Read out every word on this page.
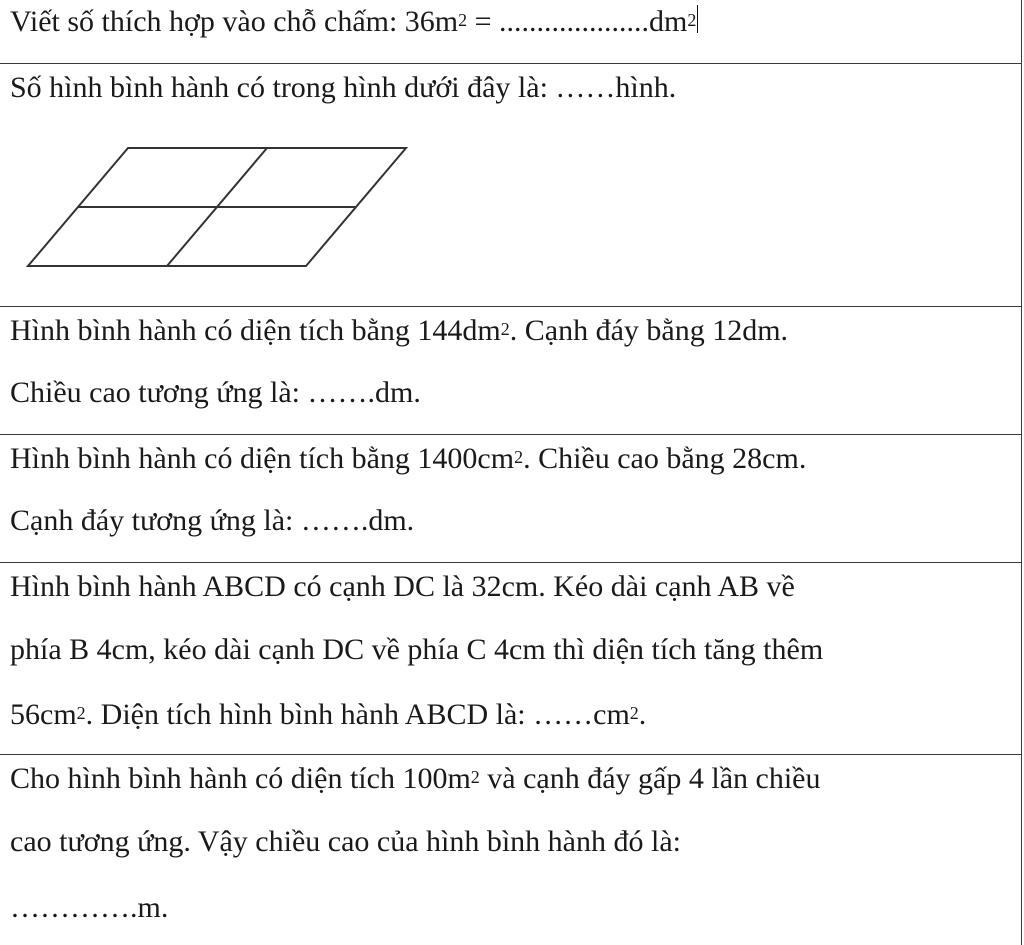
Viết số thích hợp vào chỗ chấm: $36m^2 = ....................dm^2$
Số hình bình hành có trong hình dưới đây là: ……hình.
Hình bình hành có diện tích bằng $144dm^2$. Cạnh đáy bằng 12dm.
Chiều cao tương ứng là: …….dm.
Hình bình hành có diện tích bằng $1400cm^2$. Chiều cao bằng 28cm.
Cạnh đáy tương ứng là: …….dm.
Hình bình hành ABCD có cạnh DC là 32cm. Kéo dài cạnh AB về
phía B 4cm, kéo dài cạnh DC về phía C 4cm thì diện tích tăng thêm
$56cm^2$. Diện tích hình bình hành ABCD là: $\dots\dots cm^2$.
Cho hình bình hành có diện tích $100m^2$ và cạnh đáy gấp 4 lần chiều
cao tương ứng. Vậy chiều cao của hình bình hành đó là:
………….m.
